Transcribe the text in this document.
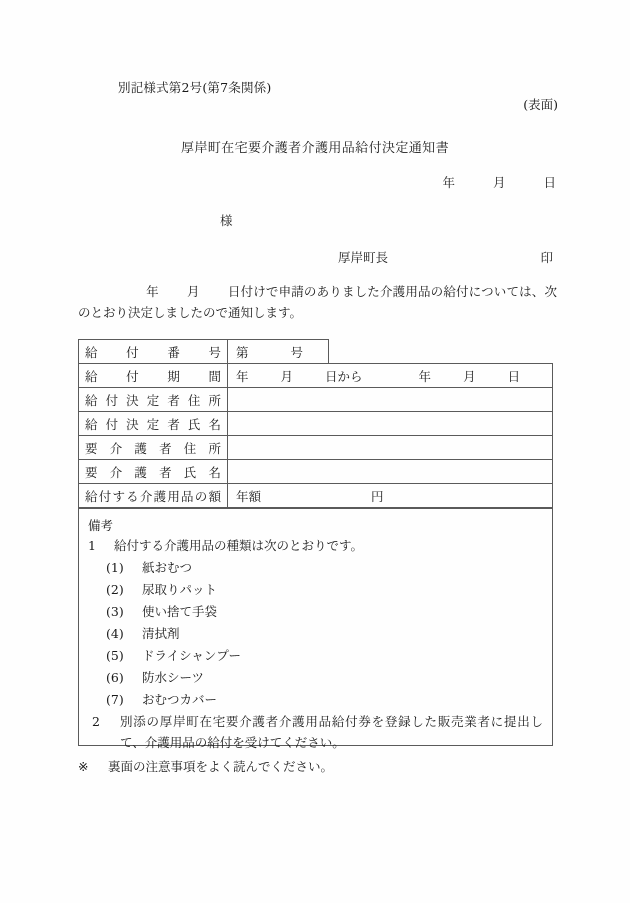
別記様式第2号(第7条関係)
(表面)
厚岸町在宅要介護者介護用品給付決定通知書
年	月	日
様
厚岸町長	印
年 月 日付けで申請のありました介護用品の給付については、次のとおり決定しましたので通知します。
給付番号	第 号	
給付期間	年 月 日から 年 月 日	
給付決定者住所		
給付決定者氏名		
要介護者住所		
要介護者氏名		
給付する介護用品の額	年額 円	
備考
1	給付する介護用品の種類は次のとおりです。
(1)	紙おむつ
(2)	尿取りパット
(3)	使い捨て手袋
(4)	清拭剤
(5)	ドライシャンプー
(6)	防水シーツ
(7)	おむつカバー
2	別添の厚岸町在宅要介護者介護用品給付券を登録した販売業者に提出して、介護用品の給付を受けてください。
※ 裏面の注意事項をよく読んでください。
